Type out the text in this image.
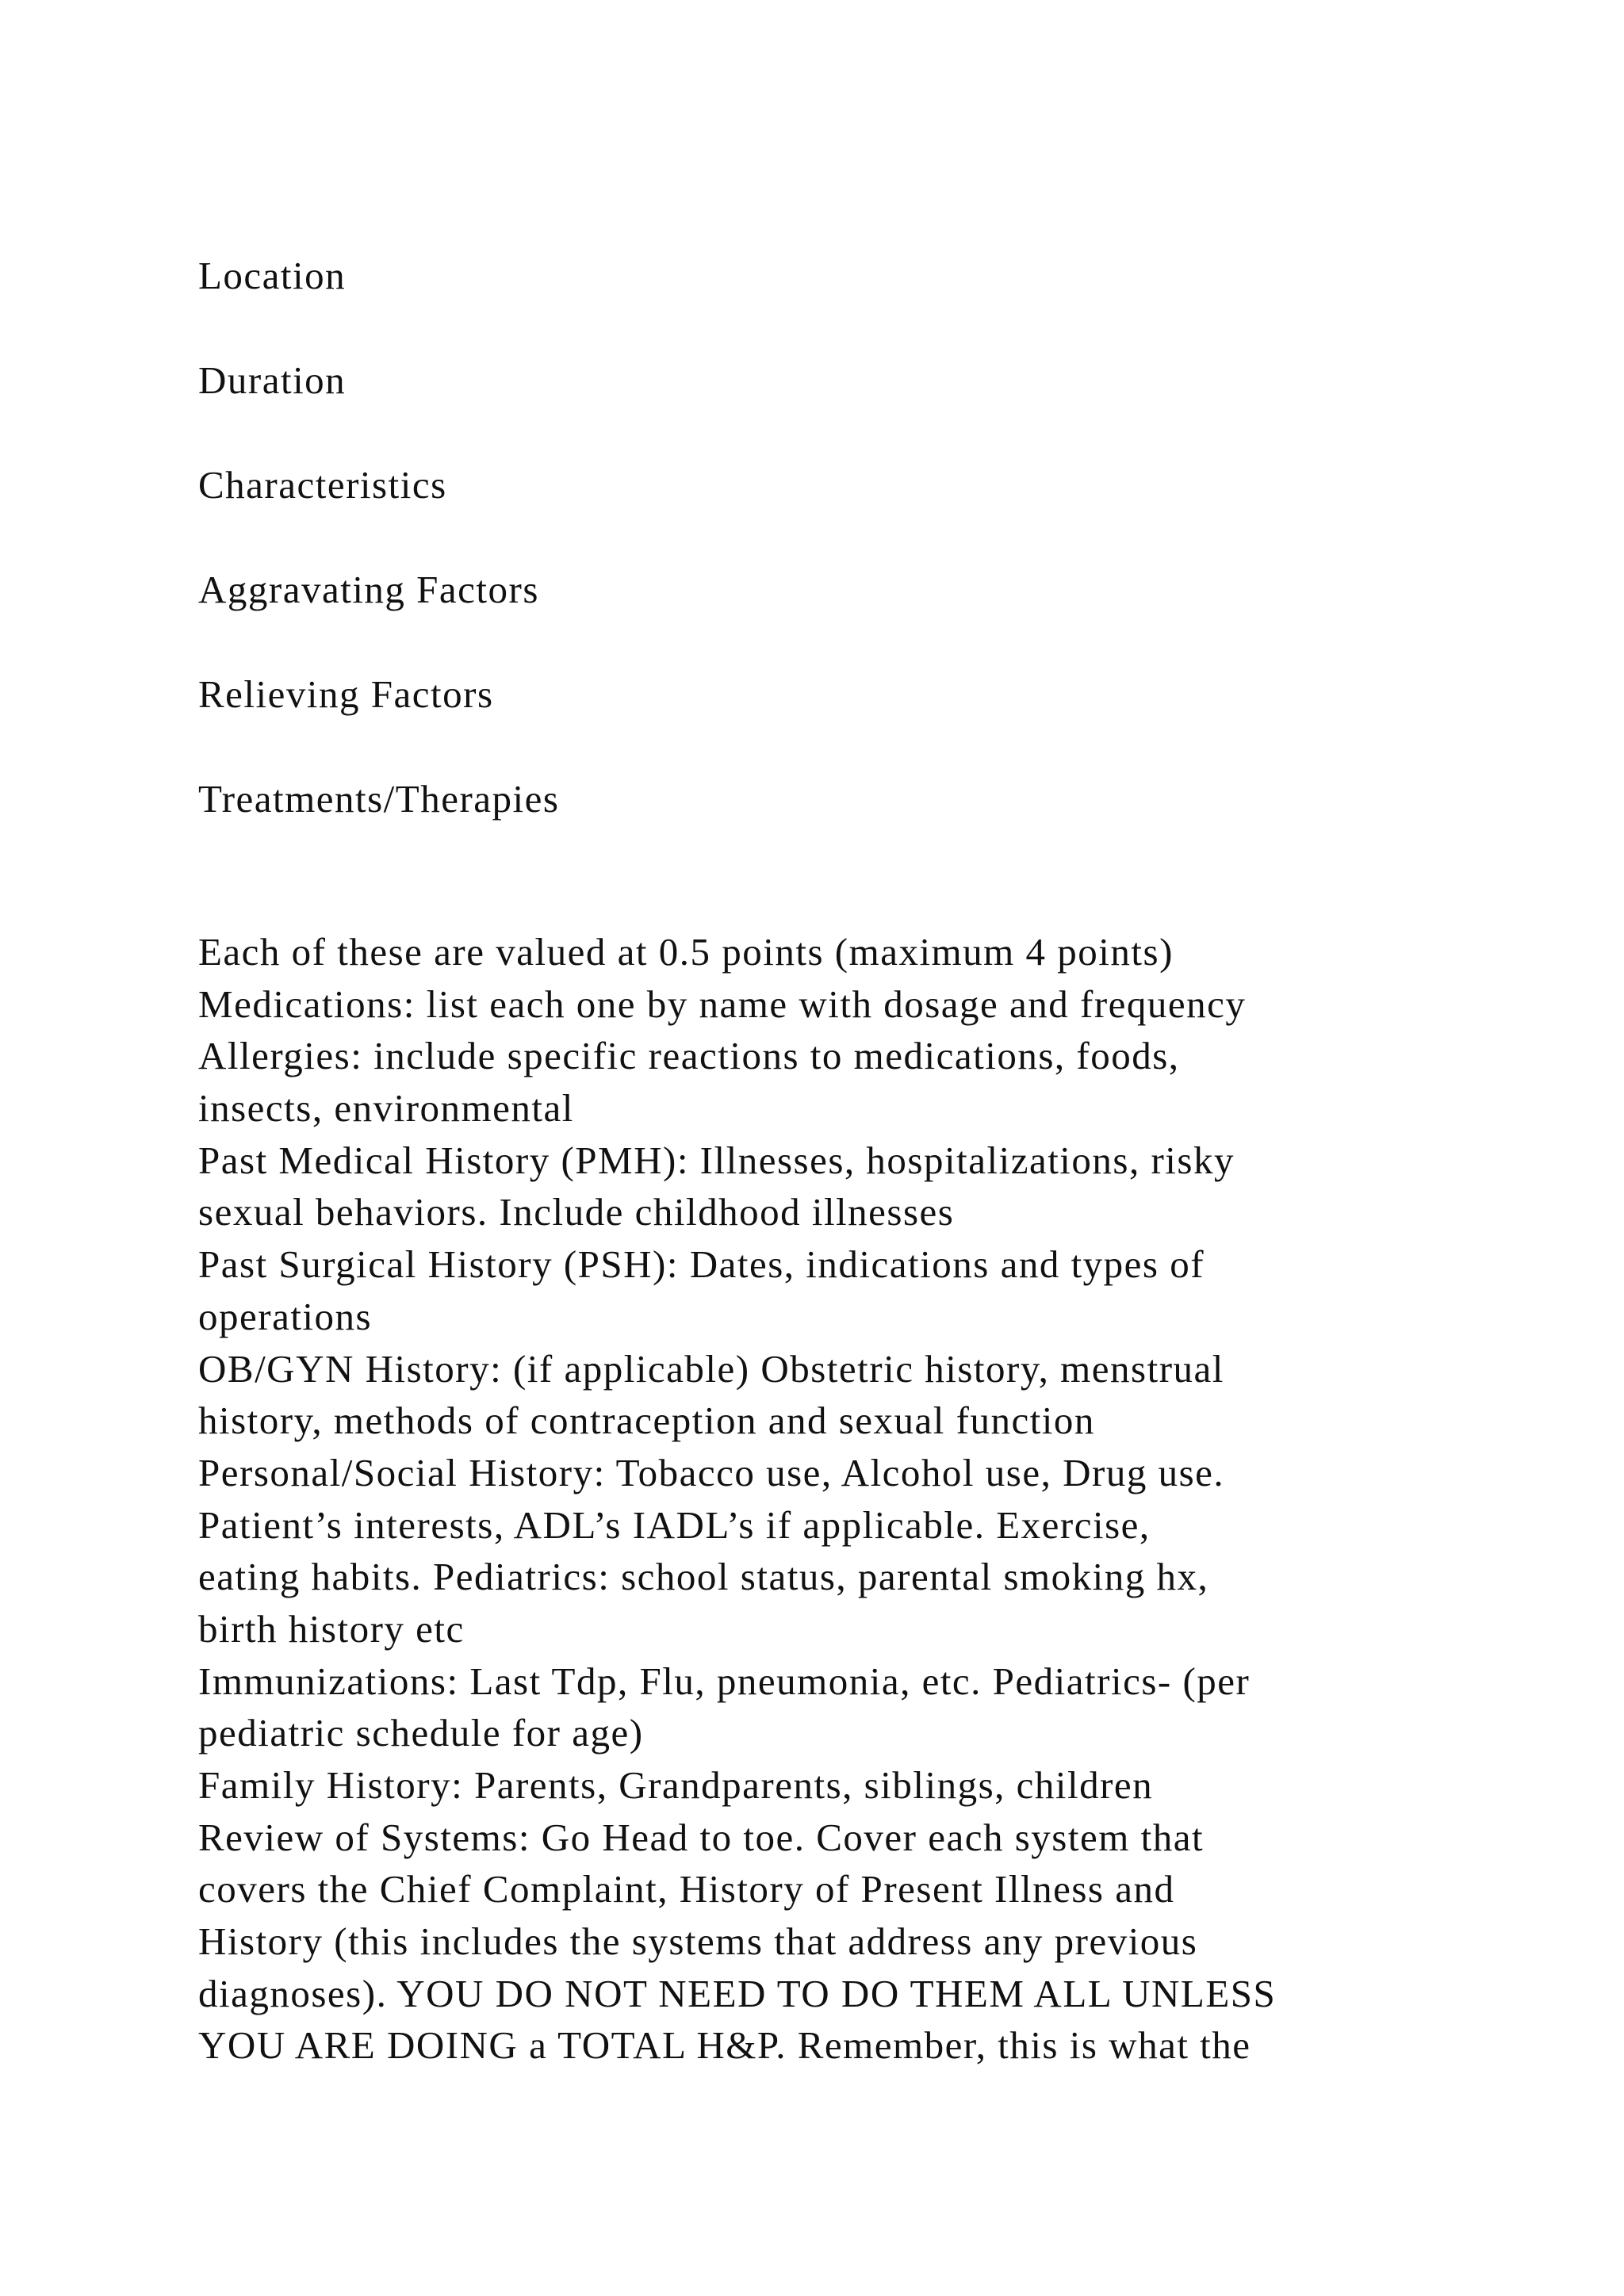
Location
Duration
Characteristics
Aggravating Factors
Relieving Factors
Treatments/Therapies
Each of these are valued at 0.5 points (maximum 4 points)
Medications: list each one by name with dosage and frequency
Allergies: include specific reactions to medications, foods,
insects, environmental
Past Medical History (PMH): Illnesses, hospitalizations, risky
sexual behaviors. Include childhood illnesses
Past Surgical History (PSH): Dates, indications and types of
operations
OB/GYN History: (if applicable) Obstetric history, menstrual
history, methods of contraception and sexual function
Personal/Social History: Tobacco use, Alcohol use, Drug use.
Patient’s interests, ADL’s IADL’s if applicable. Exercise,
eating habits. Pediatrics: school status, parental smoking hx,
birth history etc
Immunizations: Last Tdp, Flu, pneumonia, etc. Pediatrics- (per
pediatric schedule for age)
Family History: Parents, Grandparents, siblings, children
Review of Systems: Go Head to toe. Cover each system that
covers the Chief Complaint, History of Present Illness and
History (this includes the systems that address any previous
diagnoses). YOU DO NOT NEED TO DO THEM ALL UNLESS
YOU ARE DOING a TOTAL H&P. Remember, this is what the
